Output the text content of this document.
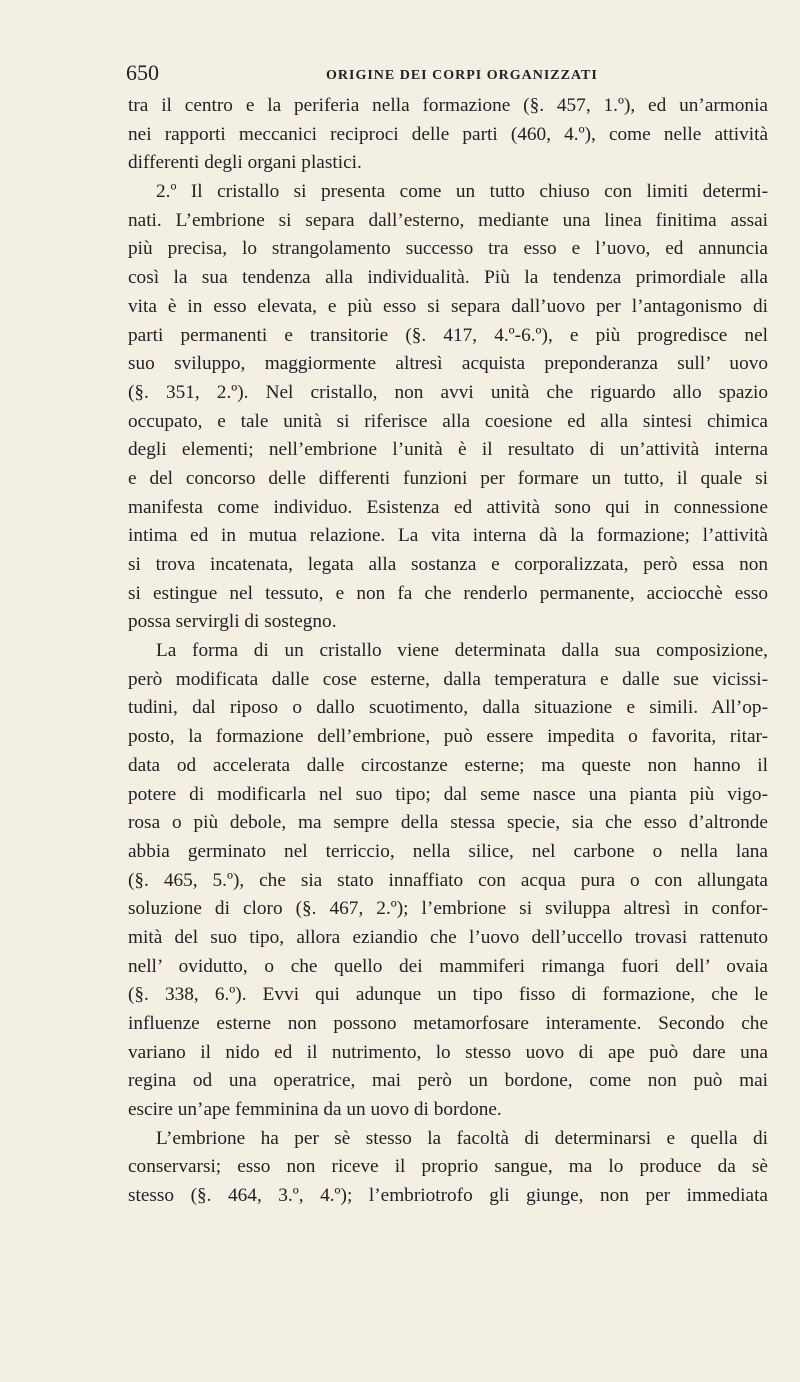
650	ORIGINE DEI CORPI ORGANIZZATI
tra il centro e la periferia nella formazione (§. 457, 1.º), ed un’armonia
nei rapporti meccanici reciproci delle parti (460, 4.º), come nelle attività
differenti degli organi plastici.
2.º Il cristallo si presenta come un tutto chiuso con limiti determi-
nati. L’embrione si separa dall’esterno, mediante una linea finitima assai
più precisa, lo strangolamento successo tra esso e l’uovo, ed annuncia
così la sua tendenza alla individualità. Più la tendenza primordiale alla
vita è in esso elevata, e più esso si separa dall’uovo per l’antagonismo di
parti permanenti e transitorie (§. 417, 4.º-6.º), e più progredisce nel
suo sviluppo, maggiormente altresì acquista preponderanza sull’ uovo
(§. 351, 2.º). Nel cristallo, non avvi unità che riguardo allo spazio
occupato, e tale unità si riferisce alla coesione ed alla sintesi chimica
degli elementi; nell’embrione l’unità è il resultato di un’attività interna
e del concorso delle differenti funzioni per formare un tutto, il quale si
manifesta come individuo. Esistenza ed attività sono qui in connessione
intima ed in mutua relazione. La vita interna dà la formazione; l’attività
si trova incatenata, legata alla sostanza e corporalizzata, però essa non
si estingue nel tessuto, e non fa che renderlo permanente, acciocchè esso
possa servirgli di sostegno.
La forma di un cristallo viene determinata dalla sua composizione,
però modificata dalle cose esterne, dalla temperatura e dalle sue vicissi-
tudini, dal riposo o dallo scuotimento, dalla situazione e simili. All’op-
posto, la formazione dell’embrione, può essere impedita o favorita, ritar-
data od accelerata dalle circostanze esterne; ma queste non hanno il
potere di modificarla nel suo tipo; dal seme nasce una pianta più vigo-
rosa o più debole, ma sempre della stessa specie, sia che esso d’altronde
abbia germinato nel terriccio, nella silice, nel carbone o nella lana
(§. 465, 5.º), che sia stato innaffiato con acqua pura o con allungata
soluzione di cloro (§. 467, 2.º); l’embrione si sviluppa altresì in confor-
mità del suo tipo, allora eziandio che l’uovo dell’uccello trovasi rattenuto
nell’ ovidutto, o che quello dei mammiferi rimanga fuori dell’ ovaia
(§. 338, 6.º). Evvi qui adunque un tipo fisso di formazione, che le
influenze esterne non possono metamorfosare interamente. Secondo che
variano il nido ed il nutrimento, lo stesso uovo di ape può dare una
regina od una operatrice, mai però un bordone, come non può mai
escire un’ape femminina da un uovo di bordone.
L’embrione ha per sè stesso la facoltà di determinarsi e quella di
conservarsi; esso non riceve il proprio sangue, ma lo produce da sè
stesso (§. 464, 3.º, 4.º); l’embriotrofo gli giunge, non per immediata
